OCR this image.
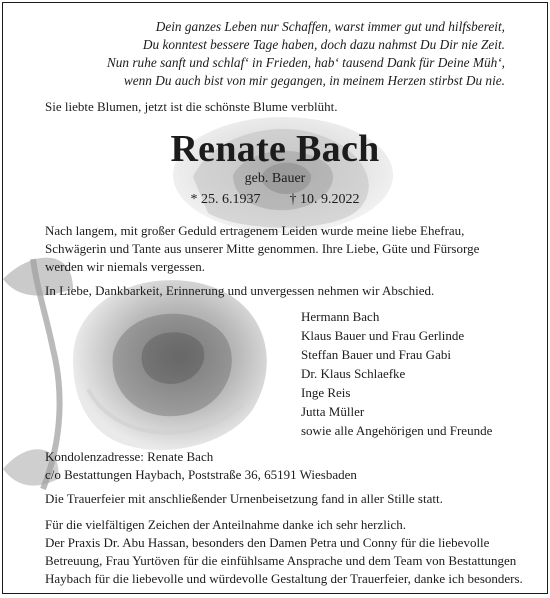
Dein ganzes Leben nur Schaffen, warst immer gut und hilfsbereit,
Du konntest bessere Tage haben, doch dazu nahmst Du Dir nie Zeit.
Nun ruhe sanft und schlaf‘ in Frieden, hab‘ tausend Dank für Deine Müh‘,
wenn Du auch bist von mir gegangen, in meinem Herzen stirbst Du nie.
Sie liebte Blumen, jetzt ist die schönste Blume verblüht.
Renate Bach
geb. Bauer
* 25. 6.1937 † 10. 9.2022
Nach langem, mit großer Geduld ertragenem Leiden wurde meine liebe Ehefrau,
Schwägerin und Tante aus unserer Mitte genommen. Ihre Liebe, Güte und Fürsorge
werden wir niemals vergessen.
In Liebe, Dankbarkeit, Erinnerung und unvergessen nehmen wir Abschied.
Hermann Bach
Klaus Bauer und Frau Gerlinde
Steffan Bauer und Frau Gabi
Dr. Klaus Schlaefke
Inge Reis
Jutta Müller
sowie alle Angehörigen und Freunde
Kondolenzadresse: Renate Bach
c/o Bestattungen Haybach, Poststraße 36, 65191 Wiesbaden
Die Trauerfeier mit anschließender Urnenbeisetzung fand in aller Stille statt.
Für die vielfältigen Zeichen der Anteilnahme danke ich sehr herzlich.
Der Praxis Dr. Abu Hassan, besonders den Damen Petra und Conny für die liebevolle
Betreuung, Frau Yurtöven für die einfühlsame Ansprache und dem Team von Bestattungen
Haybach für die liebevolle und würdevolle Gestaltung der Trauerfeier, danke ich besonders.
